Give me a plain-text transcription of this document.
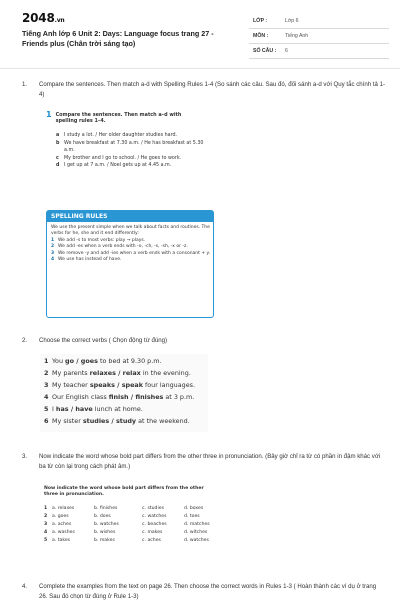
2048.vn
Tiếng Anh lớp 6 Unit 2: Days: Language focus trang 27 - Friends plus (Chân trời sáng tạo)
LỚP :	Lớp 6
MÔN :	Tiếng Anh
SỐ CÂU : 6
1. Compare the sentences. Then match a-d with Spelling Rules 1-4 (So sánh các câu. Sau đó, đối sánh a-d với Quy tắc chính tả 1-4)
1 Compare the sentences. Then match a–d with spelling rules 1–4.
a I study a lot. / Her older daughter studies hard.
b We have breakfast at 7.30 a.m. / He has breakfast at 5.30 a.m.
c My brother and I go to school. / He goes to work.
d I get up at 7 a.m. / Noel gets up at 4.45 a.m.
SPELLING RULES
We use the present simple when we talk about facts and routines. The verbs for he, she and it end differently:
1 We add -s to most verbs: play → plays.
2 We add -es when a verb ends with -o, -ch, -s, -sh, -x or -z.
3 We remove -y and add -ies when a verb ends with a consonant + y.
4 We use has instead of have.
2. Choose the correct verbs ( Chọn động từ đúng)
1 You go / goes to bed at 9.30 p.m.
2 My parents relaxes / relax in the evening.
3 My teacher speaks / speak four languages.
4 Our English class finish / finishes at 3 p.m.
5 I has / have lunch at home.
6 My sister studies / study at the weekend.
3. Now indicate the word whose bold part differs from the other three in pronunciation. (Bây giờ chỉ ra từ có phần in đậm khác với ba từ còn lại trong cách phát âm.)
Now indicate the word whose bold part differs from the other three in pronunciation.
1 a. relaxes	b. finishes	c. studies	d. boxes
2 a. goes	b. does	c. watches	d. toes
3 a. aches	b. watches	c. beaches	d. matches
4 a. washes	b. wishes	c. makes	d. witches
5 a. takes	b. makes	c. aches	d. watches
4. Complete the examples from the text on page 26. Then choose the correct words in Rules 1-3 ( Hoàn thành các ví dụ ở trang 26. Sau đó chọn từ đúng ở Rule 1-3)
